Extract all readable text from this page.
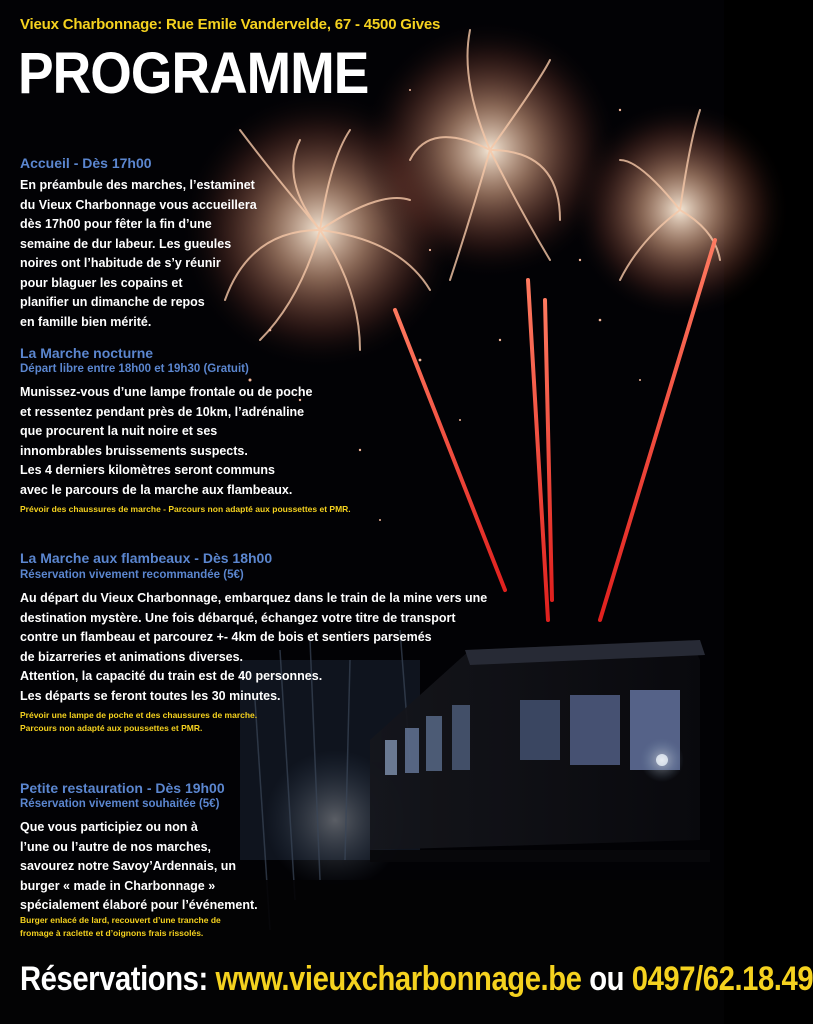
Vieux Charbonnage: Rue Emile Vandervelde, 67 - 4500 Gives
PROGRAMME
Accueil - Dès 17h00
En préambule des marches, l’estaminet
du Vieux Charbonnage vous accueillera
dès 17h00 pour fêter la fin d’une
semaine de dur labeur. Les gueules
noires ont l’habitude de s’y réunir
pour blaguer les copains et
planifier un dimanche de repos
en famille bien mérité.
La Marche nocturne
Départ libre entre 18h00 et 19h30 (Gratuit)
Munissez-vous d’une lampe frontale ou de poche
et ressentez pendant près de 10km, l’adrénaline
que procurent la nuit noire et ses
innombrables bruissements suspects.
Les 4 derniers kilomètres seront communs
avec le parcours de la marche aux flambeaux.
Prévoir des chaussures de marche - Parcours non adapté aux poussettes et PMR.
La Marche aux flambeaux - Dès 18h00
Réservation vivement recommandée (5€)
Au départ du Vieux Charbonnage, embarquez dans le train de la mine vers une
destination mystère. Une fois débarqué, échangez votre titre de transport
contre un flambeau et parcourez +- 4km de bois et sentiers parsemés
de bizarreries et animations diverses.
Attention, la capacité du train est de 40 personnes.
Les départs se feront toutes les 30 minutes.
Prévoir une lampe de poche et des chaussures de marche.
Parcours non adapté aux poussettes et PMR.
Petite restauration - Dès 19h00
Réservation vivement souhaitée (5€)
Que vous participiez ou non à
l’une ou l’autre de nos marches,
savourez notre Savoy’Ardennais, un
burger « made in Charbonnage »
spécialement élaboré pour l’événement.
Burger enlacé de lard, recouvert d’une tranche de
fromage à raclette et d’oignons frais rissolés.
Réservations: www.vieuxcharbonnage.be ou 0497/62.18.49
